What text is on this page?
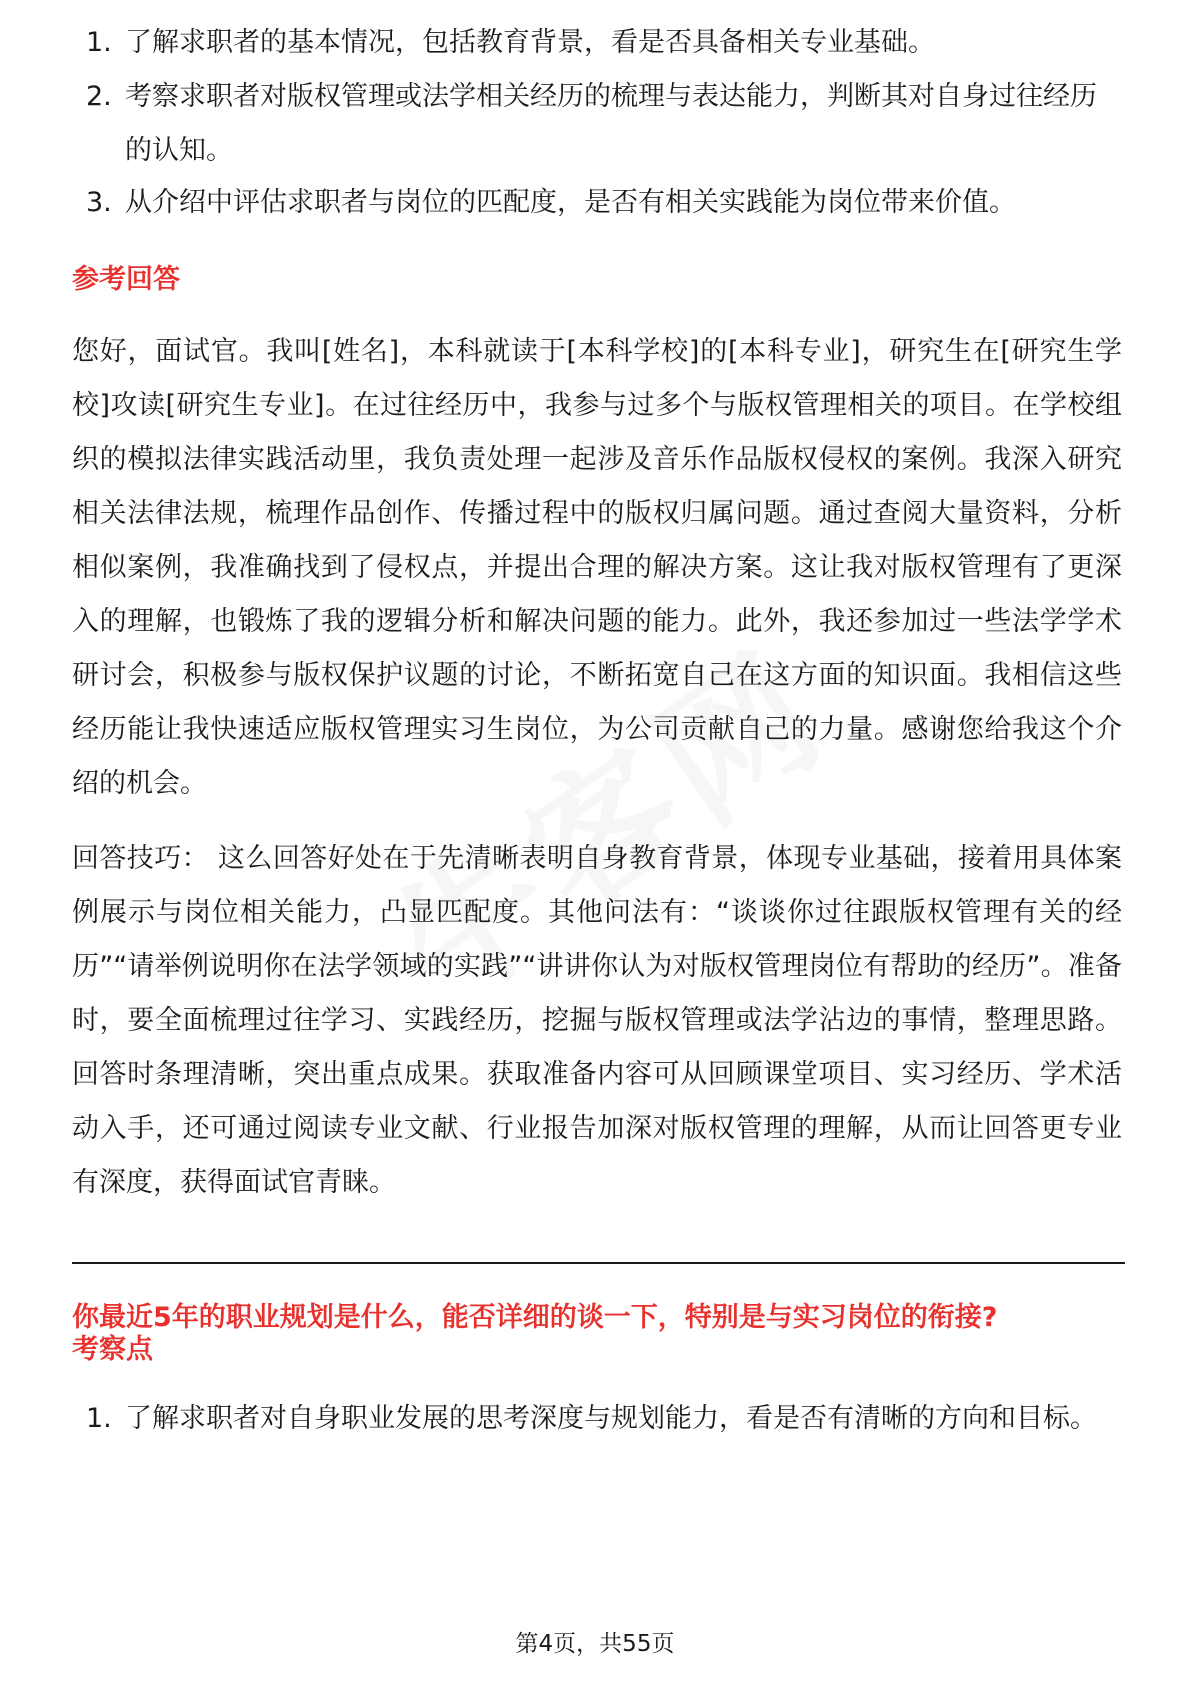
1. 了解求职者的基本情况，包括教育背景，看是否具备相关专业基础。
2. 考察求职者对版权管理或法学相关经历的梳理与表达能力，判断其对自身过往经历的认知。
3. 从介绍中评估求职者与岗位的匹配度，是否有相关实践能为岗位带来价值。
参考回答

您好，面试官。我叫[姓名]，本科就读于[本科学校]的[本科专业]，研究生在[研究生学校]攻读[研究生专业]。在过往经历中，我参与过多个与版权管理相关的项目。在学校组织的模拟法律实践活动里，我负责处理一起涉及音乐作品版权侵权的案例。我深入研究相关法律法规，梳理作品创作、传播过程中的版权归属问题。通过查阅大量资料，分析相似案例，我准确找到了侵权点，并提出合理的解决方案。这让我对版权管理有了更深入的理解，也锻炼了我的逻辑分析和解决问题的能力。此外，我还参加过一些法学学术研讨会，积极参与版权保护议题的讨论，不断拓宽自己在这方面的知识面。我相信这些经历能让我快速适应版权管理实习生岗位，为公司贡献自己的力量。感谢您给我这个介绍的机会。

回答技巧： 这么回答好处在于先清晰表明自身教育背景，体现专业基础，接着用具体案例展示与岗位相关能力，凸显匹配度。其他问法有：“谈谈你过往跟版权管理有关的经历”“请举例说明你在法学领域的实践”“讲讲你认为对版权管理岗位有帮助的经历”。准备时，要全面梳理过往学习、实践经历，挖掘与版权管理或法学沾边的事情，整理思路。回答时条理清晰，突出重点成果。获取准备内容可从回顾课堂项目、实习经历、学术活动入手，还可通过阅读专业文献、行业报告加深对版权管理的理解，从而让回答更专业有深度，获得面试官青睐。

你最近5年的职业规划是什么，能否详细的谈一下，特别是与实习岗位的衔接?
考察点
1. 了解求职者对自身职业发展的思考深度与规划能力，看是否有清晰的方向和目标。
第4页，共55页
